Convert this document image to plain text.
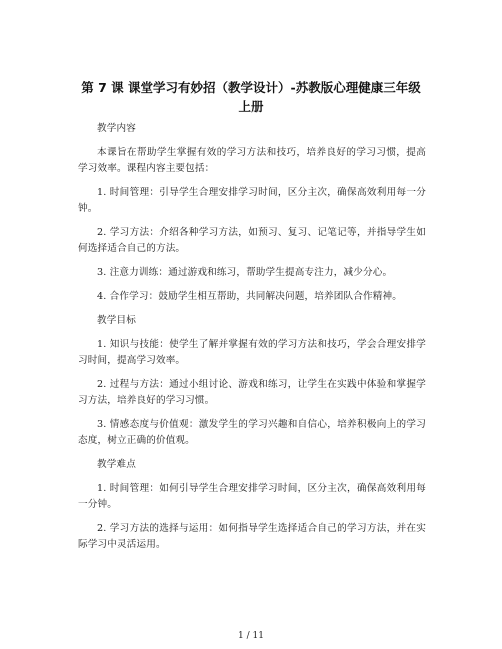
第 7 课 课堂学习有妙招（教学设计）-苏教版心理健康三年级上册

教学内容

本课旨在帮助学生掌握有效的学习方法和技巧，培养良好的学习习惯，提高学习效率。课程内容主要包括：

1. 时间管理：引导学生合理安排学习时间，区分主次，确保高效利用每一分钟。

2. 学习方法：介绍各种学习方法，如预习、复习、记笔记等，并指导学生如何选择适合自己的方法。

3. 注意力训练：通过游戏和练习，帮助学生提高专注力，减少分心。

4. 合作学习：鼓励学生相互帮助，共同解决问题，培养团队合作精神。

教学目标

1. 知识与技能：使学生了解并掌握有效的学习方法和技巧，学会合理安排学习时间，提高学习效率。

2. 过程与方法：通过小组讨论、游戏和练习，让学生在实践中体验和掌握学习方法，培养良好的学习习惯。

3. 情感态度与价值观：激发学生的学习兴趣和自信心，培养积极向上的学习态度，树立正确的价值观。

教学难点

1. 时间管理：如何引导学生合理安排学习时间，区分主次，确保高效利用每一分钟。

2. 学习方法的选择与运用：如何指导学生选择适合自己的学习方法，并在实际学习中灵活运用。

1 / 11
